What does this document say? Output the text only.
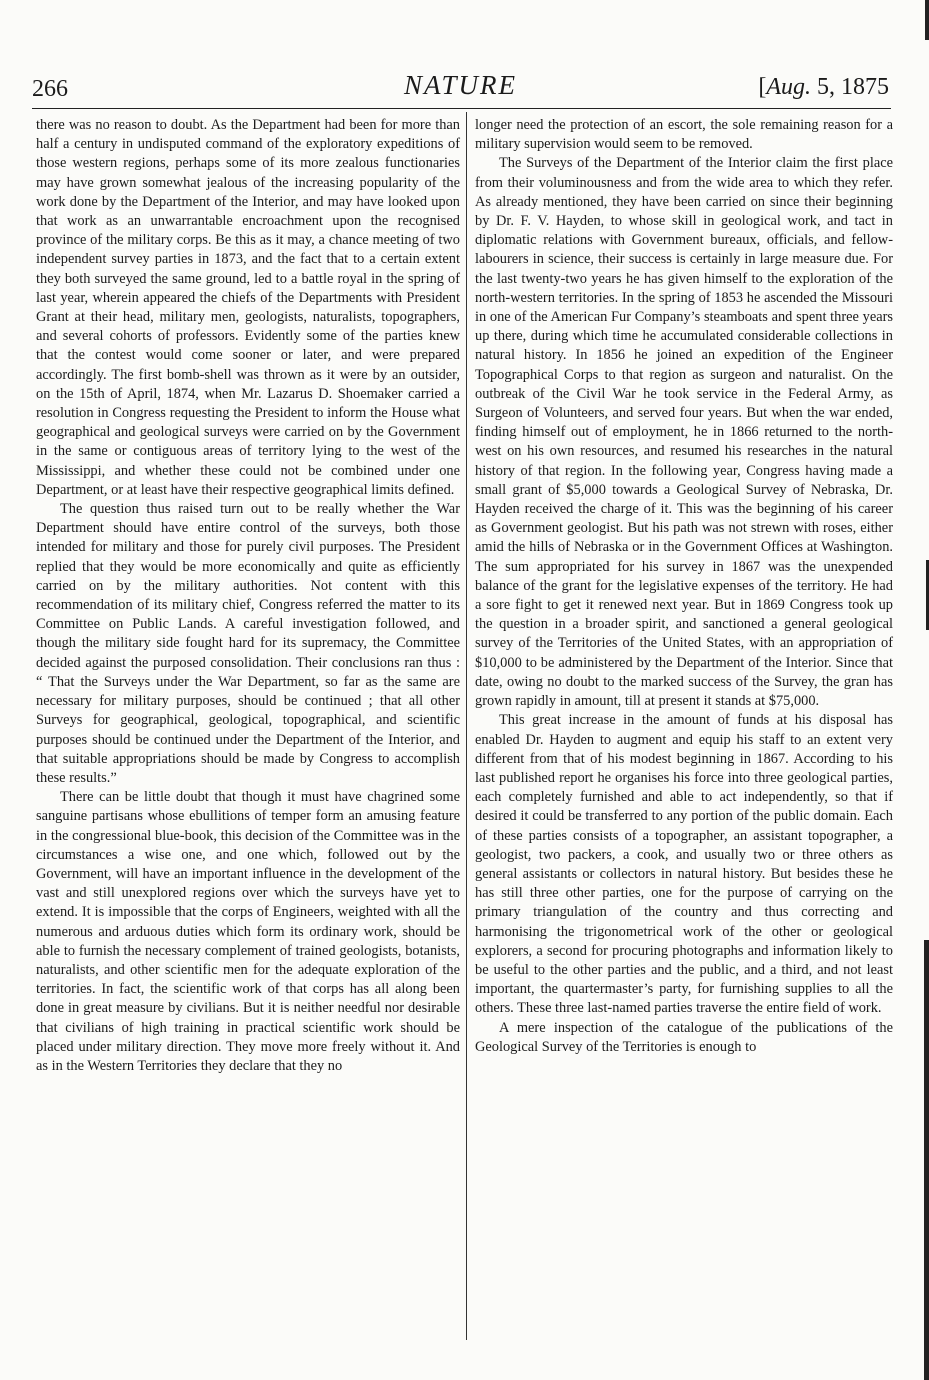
266	NATURE	[Aug. 5, 1875

there was no reason to doubt. As the Department had been for more than half a century in undisputed command of the exploratory expeditions of those western regions, perhaps some of its more zealous functionaries may have grown somewhat jealous of the increasing popularity of the work done by the Department of the Interior, and may have looked upon that work as an unwarrantable encroachment upon the recognised province of the military corps. Be this as it may, a chance meeting of two independent survey parties in 1873, and the fact that to a certain extent they both surveyed the same ground, led to a battle royal in the spring of last year, wherein appeared the chiefs of the Departments with President Grant at their head, military men, geologists, naturalists, topographers, and several cohorts of professors. Evidently some of the parties knew that the contest would come sooner or later, and were prepared accordingly. The first bomb-shell was thrown as it were by an outsider, on the 15th of April, 1874, when Mr. Lazarus D. Shoemaker carried a resolution in Congress requesting the President to inform the House what geographical and geological surveys were carried on by the Government in the same or contiguous areas of territory lying to the west of the Mississippi, and whether these could not be combined under one Department, or at least have their respective geographical limits defined.

The question thus raised turn out to be really whether the War Department should have entire control of the surveys, both those intended for military and those for purely civil purposes. The President replied that they would be more economically and quite as efficiently carried on by the military authorities. Not content with this recommendation of its military chief, Congress referred the matter to its Committee on Public Lands. A careful investigation followed, and though the military side fought hard for its supremacy, the Committee decided against the purposed consolidation. Their conclusions ran thus : “ That the Surveys under the War Department, so far as the same are necessary for military purposes, should be continued ; that all other Surveys for geographical, geological, topographical, and scientific purposes should be continued under the Department of the Interior, and that suitable appropriations should be made by Congress to accomplish these results.”

There can be little doubt that though it must have chagrined some sanguine partisans whose ebullitions of temper form an amusing feature in the congressional blue-book, this decision of the Committee was in the circumstances a wise one, and one which, followed out by the Government, will have an important influence in the development of the vast and still unexplored regions over which the surveys have yet to extend. It is impossible that the corps of Engineers, weighted with all the numerous and arduous duties which form its ordinary work, should be able to furnish the necessary complement of trained geologists, botanists, naturalists, and other scientific men for the adequate exploration of the territories. In fact, the scientific work of that corps has all along been done in great measure by civilians. But it is neither needful nor desirable that civilians of high training in practical scientific work should be placed under military direction. They move more freely without it. And as in the Western Territories they declare that they no

longer need the protection of an escort, the sole remaining reason for a military supervision would seem to be removed.

The Surveys of the Department of the Interior claim the first place from their voluminousness and from the wide area to which they refer. As already mentioned, they have been carried on since their beginning by Dr. F. V. Hayden, to whose skill in geological work, and tact in diplomatic relations with Government bureaux, officials, and fellow-labourers in science, their success is certainly in large measure due. For the last twenty-two years he has given himself to the exploration of the north-western territories. In the spring of 1853 he ascended the Missouri in one of the American Fur Company’s steamboats and spent three years up there, during which time he accumulated considerable collections in natural history. In 1856 he joined an expedition of the Engineer Topographical Corps to that region as surgeon and naturalist. On the outbreak of the Civil War he took service in the Federal Army, as Surgeon of Volunteers, and served four years. But when the war ended, finding himself out of employment, he in 1866 returned to the north-west on his own resources, and resumed his researches in the natural history of that region. In the following year, Congress having made a small grant of $5,000 towards a Geological Survey of Nebraska, Dr. Hayden received the charge of it. This was the beginning of his career as Government geologist. But his path was not strewn with roses, either amid the hills of Nebraska or in the Government Offices at Washington. The sum appropriated for his survey in 1867 was the unexpended balance of the grant for the legislative expenses of the territory. He had a sore fight to get it renewed next year. But in 1869 Congress took up the question in a broader spirit, and sanctioned a general geological survey of the Territories of the United States, with an appropriation of $10,000 to be administered by the Department of the Interior. Since that date, owing no doubt to the marked success of the Survey, the gran has grown rapidly in amount, till at present it stands at $75,000.

This great increase in the amount of funds at his disposal has enabled Dr. Hayden to augment and equip his staff to an extent very different from that of his modest beginning in 1867. According to his last published report he organises his force into three geological parties, each completely furnished and able to act independently, so that if desired it could be transferred to any portion of the public domain. Each of these parties consists of a topographer, an assistant topographer, a geologist, two packers, a cook, and usually two or three others as general assistants or collectors in natural history. But besides these he has still three other parties, one for the purpose of carrying on the primary triangulation of the country and thus correcting and harmonising the trigonometrical work of the other or geological explorers, a second for procuring photographs and information likely to be useful to the other parties and the public, and a third, and not least important, the quartermaster’s party, for furnishing supplies to all the others. These three last-named parties traverse the entire field of work.

A mere inspection of the catalogue of the publications of the Geological Survey of the Territories is enough to
